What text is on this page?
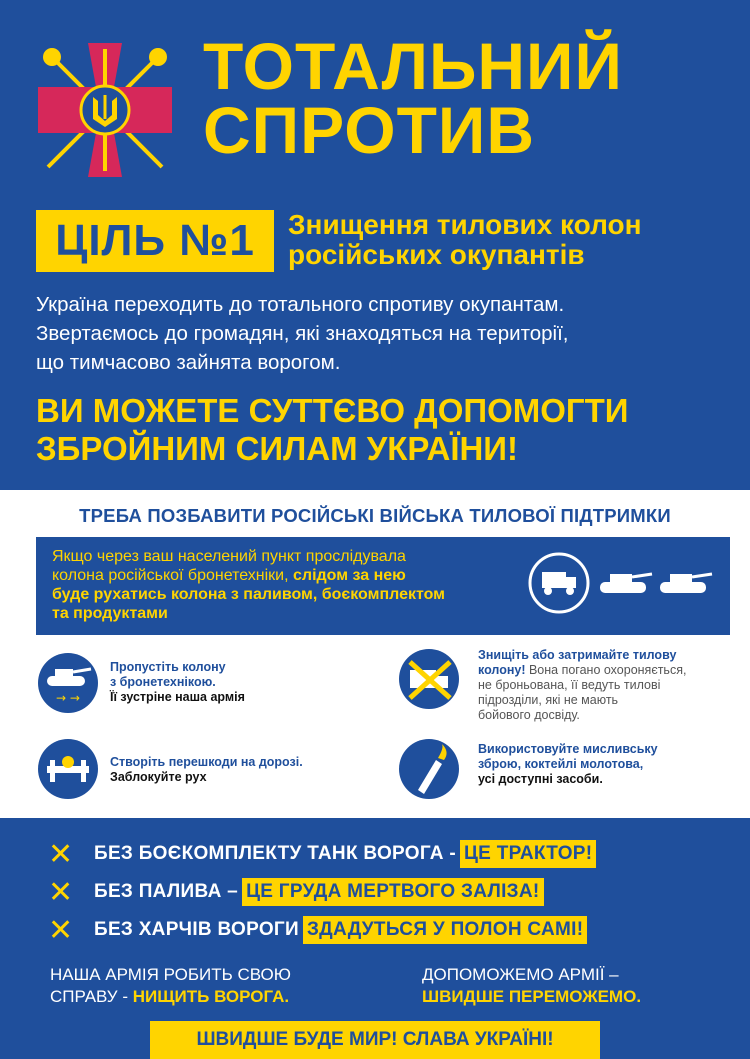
ТОТАЛЬНИЙ
СПРОТИВ
ЦІЛЬ №1	Знищення тилових колон
російських окупантів
Україна переходить до тотального спротиву окупантам.
Звертаємось до громадян, які знаходяться на території,
що тимчасово зайнята ворогом.
ВИ МОЖЕТЕ СУТТЄВО ДОПОМОГТИ
ЗБРОЙНИМ СИЛАМ УКРАЇНИ!
ТРЕБА ПОЗБАВИТИ РОСІЙСЬКІ ВІЙСЬКА ТИЛОВОЇ ПІДТРИМКИ
Якщо через ваш населений пункт прослідувала
колона російської бронетехніки, слідом за нею
буде рухатись колона з паливом, боєкомплектом
та продуктами
→ →
Пропустіть колону
з бронетехнікою.
Її зустріне наша армія
Знищіть або затримайте тилову
колону! Вона погано охороняється,
не броньована, її ведуть тилові
підрозділи, які не мають
бойового досвіду.
Створіть перешкоди на дорозі.
Заблокуйте рух
Використовуйте мисливську
зброю, коктейлі молотова,
усі доступні засоби.
✕	БЕЗ БОЄКОМПЛЕКТУ ТАНК ВОРОГА - ЦЕ ТРАКТОР!
✕	БЕЗ ПАЛИВА – ЦЕ ГРУДА МЕРТВОГО ЗАЛІЗА!
✕	БЕЗ ХАРЧІВ ВОРОГИ ЗДАДУТЬСЯ У ПОЛОН САМІ!
НАША АРМІЯ РОБИТЬ СВОЮ
СПРАВУ - НИЩИТЬ ВОРОГА.
ДОПОМОЖЕМО АРМІЇ –
ШВИДШЕ ПЕРЕМОЖЕМО.
ШВИДШЕ БУДЕ МИР! СЛАВА УКРАЇНІ!
